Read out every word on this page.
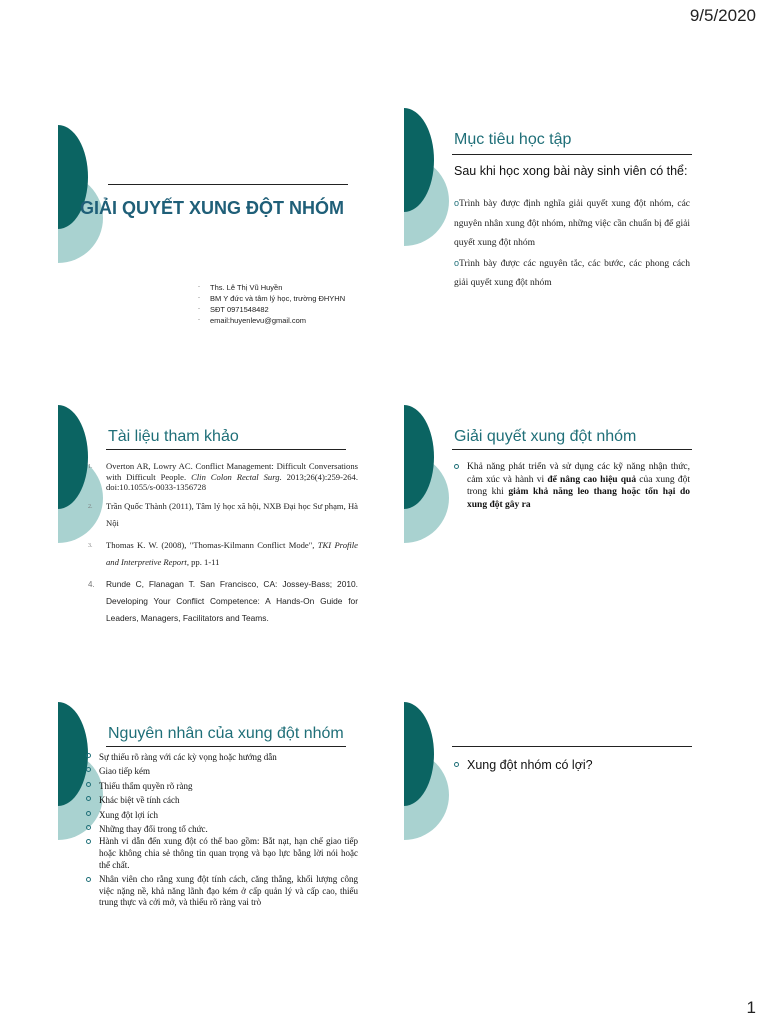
9/5/2020
GIẢI QUYẾT XUNG ĐỘT NHÓM
- Ths. Lê Thị Vũ Huyền
- BM Y đức và tâm lý học, trường ĐHYHN
- SĐT 0971548482
- email:huyenlevu@gmail.com
Mục tiêu học tập
Sau khi học xong bài này sinh viên có thể:
oTrình bày được định nghĩa giải quyết xung đột nhóm, các nguyên nhân xung đột nhóm, những việc cần chuẩn bị để giải quyết xung đột nhóm
oTrình bày được các nguyên tắc, các bước, các phong cách giải quyết xung đột nhóm
Tài liệu tham khảo
1. Overton AR, Lowry AC. Conflict Management: Difficult Conversations with Difficult People. Clin Colon Rectal Surg. 2013;26(4):259-264. doi:10.1055/s-0033-1356728
2. Trần Quốc Thành (2011), Tâm lý học xã hội, NXB Đại học Sư phạm, Hà Nội
3. Thomas K. W. (2008), "Thomas-Kilmann Conflict Mode", TKI Profile and Interpretive Report, pp. 1-11
4. Runde C, Flanagan T. San Francisco, CA: Jossey-Bass; 2010. Developing Your Conflict Competence: A Hands-On Guide for Leaders, Managers, Facilitators and Teams.
Giải quyết xung đột nhóm
Khả năng phát triển và sử dụng các kỹ năng nhận thức, cảm xúc và hành vi để nâng cao hiệu quả của xung đột trong khi giảm khả năng leo thang hoặc tổn hại do xung đột gây ra
Nguyên nhân của xung đột nhóm
Sự thiếu rõ ràng với các kỳ vọng hoặc hướng dẫn
Giao tiếp kém
Thiếu thẩm quyền rõ ràng
Khác biệt về tính cách
Xung đột lợi ích
Những thay đổi trong tổ chức.
Hành vi dẫn đến xung đột có thể bao gồm: Bắt nạt, hạn chế giao tiếp hoặc không chia sẻ thông tin quan trọng và bạo lực bằng lời nói hoặc thể chất.
Nhân viên cho rằng xung đột tính cách, căng thẳng, khối lượng công việc nặng nề, khả năng lãnh đạo kém ở cấp quản lý và cấp cao, thiếu trung thực và cởi mở, và thiếu rõ ràng vai trò
Xung đột nhóm có lợi?
1
